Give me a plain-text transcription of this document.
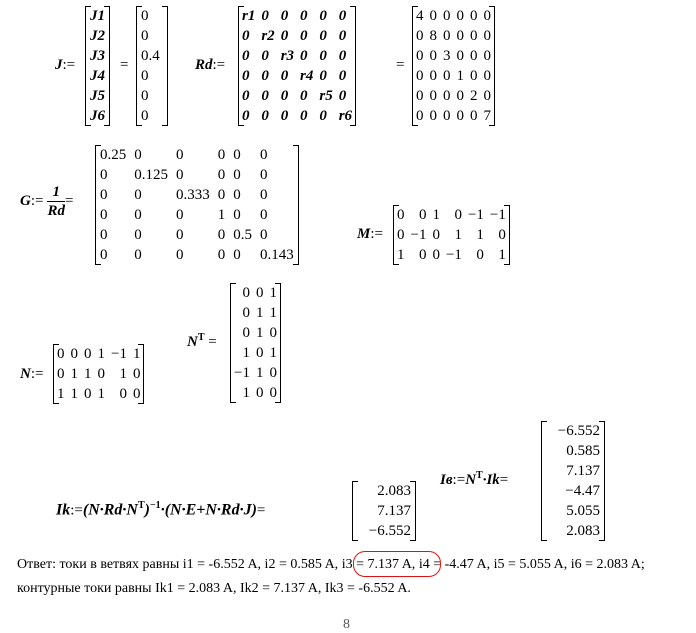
J:=
J1
J2
J3
J4
J5
J6
=
0
0
0.4
0
0
0
Rd:=
r1	0	0	0	0	0
0	r2	0	0	0	0
0	0	r3	0	0	0
0	0	0	r4	0	0
0	0	0	0	r5	0
0	0	0	0	0	r6
=
4	0	0	0	0	0
0	8	0	0	0	0
0	0	3	0	0	0
0	0	0	1	0	0
0	0	0	0	2	0
0	0	0	0	0	7
G:= $\frac{1}{Rd}$ =
0.25	0	0	0	0	0
0	0.125	0	0	0	0
0	0	0.333	0	0	0
0	0	0	1	0	0
0	0	0	0	0.5	0
0	0	0	0	0	0.143
M:=
0	0	1	0	−1	−1
0	−1	0	1	1	0
1	0	0	−1	0	1
$N^T$ =
0	0	1
0	1	1
0	1	0
1	0	1
−1	1	0
1	0	0
N:=
0	0	0	1	−1	1
0	1	1	0	1	0
1	1	0	1	0	0
$Iв:=N^T\cdot Ik=$
−6.552
0.585
7.137
−4.47
5.055
2.083
$Ik:=(N\cdot Rd\cdot N^T)^{-1}\cdot(N\cdot E+N\cdot Rd\cdot J)=$
2.083
7.137
−6.552
Ответ: токи в ветвях равны i1 = -6.552 A, i2 = 0.585 A, i3 = 7.137 A, i4 = -4.47 A, i5 = 5.055 A, i6 = 2.083 A;
контурные токи равны Ik1 = 2.083 A, Ik2 = 7.137 A, Ik3 = -6.552 A.
8
